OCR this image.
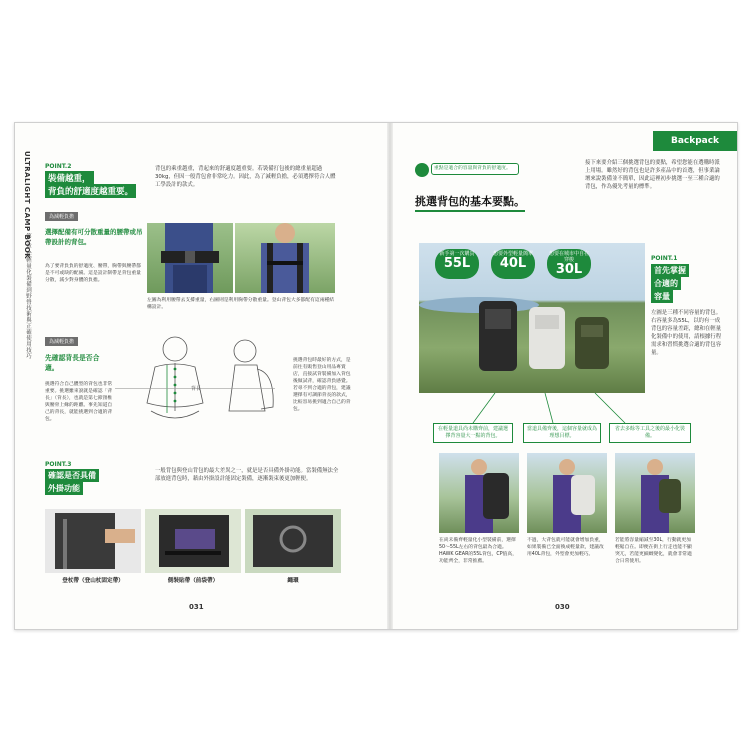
ULTRALIGHT CAMP BOOK
第1章 從輕量化裝備到野營技術與正確使用技巧
POINT.2
裝備越重，
背負的舒適度越重要。
背包的乘重越重，背起來的舒適度越重要。若裝備打包後的總重量超過30kg，但因一般背包會非常吃力。因此，為了減輕負擔，必須選擇符合人體工學設計的款式。
為減輕負擔
選擇配備有可分散重量的腰帶或吊帶設計的背包。
為了要背負負的舒適度、腰帶，胸帶與腰帶都是不可或缺的配備。這是設計制帶足背包重量分散，減少對身體的負擔。
左圖為利用腰帶去支撐重量，右圖則是利用胸帶分散重量。登山背包大多都配有這兩種結構設計。
為減輕負擔
先確認背長是否合適。
挑選符合自己體型的背包也非常重要。挑選雖來說就是確認「背長」（背長），也就是第七節頸椎與腰骨上緣的距離。事先知道自己的背長，就能挑選到合適的背包。
背長
挑選背包時最好的方式，是前往有販售登山用品專賣店，直接試背裝備加入背包後做試背，確認背負感覺。若尋不到合適的背包，建議選擇有可調節背長的款式，比較容易挑到適合自己的背包。
POINT.3
確認是否具備
外掛功能
一般背包與登山背包的最大差異之一，就是是否具備外掛功能。當裝備無法全部放進背包時，藉由外掛設計能固定裝備，逐漸裝束後更加輕便。
登杖帶（登山杖固定帶）	側裝貼帶（前袋帶）	繩環
031
Backpack
接下來要介紹三個挑選背包的要點，希望您能在選購時派上用場。雖然好的背包也是許多產品中的首選，但事業論壇來說裝備並不簡單，因此這裡初步挑選一至三種合適的背包，作為優先考量的標準。
重點是適合的容量與背負的舒適度。
挑選背包的基本要點。
新手第一次購買
55L
想要外型輕量簡單
40L
想要在城市中自在穿梭
30L
POINT.1
首先掌握
合適的
容量
左圖是三種不同容量的背包。右容量多為55L，以約有一成背包的容量差距，總和在輕量化裝備中的使用，請根據行程需求和習慣挑選合適的背包容量。
在輕量道具尚未購齊前，建議選擇背容量大一點的背包。
當道具備齊後，這個容量就成為理想目標。
省去多餘等工具之後的最小化裝備。
在尚未備齊輕量化小型裝備前，選擇50〜55L左右的背包最為合適。HAWK GEAR的55L背包，CP值高，功能齊全，非常推薦。
不過，大背包就可能就會增加負重，如果裝備已全面換成輕量款，建議改用40L背包，外型會更加輕巧。
若能將容量縮減至30L，行動就更加輕鬆自在。即便在街上行走也能不顯突兀，若能更細緻變化，就會非常適合日常使用。
030
